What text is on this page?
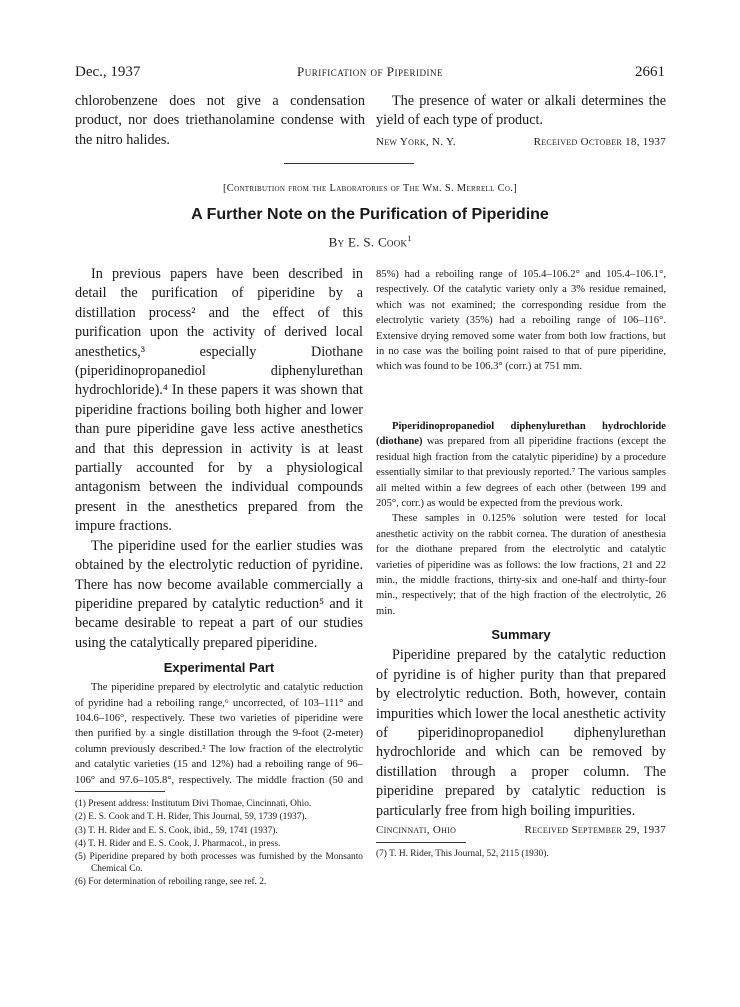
Dec., 1937	Purification of Piperidine	2661

chlorobenzene does not give a condensation product, nor does triethanolamine condense with the nitro halides.

The presence of water or alkali determines the yield of each type of product.

New York, N. Y.	Received October 18, 1937
[Contribution from the Laboratories of The Wm. S. Merrell Co.]
A Further Note on the Purification of Piperidine
By E. S. Cook$^1$

In previous papers have been described in detail the purification of piperidine by a distillation process² and the effect of this purification upon the activity of derived local anesthetics,³ especially Diothane (piperidinopropanediol diphenylurethan hydrochloride).⁴ In these papers it was shown that piperidine fractions boiling both higher and lower than pure piperidine gave less active anesthetics and that this depression in activity is at least partially accounted for by a physiological antagonism between the individual compounds present in the anesthetics prepared from the impure fractions.

The piperidine used for the earlier studies was obtained by the electrolytic reduction of pyridine. There has now become available commercially a piperidine prepared by catalytic reduction⁵ and it became desirable to repeat a part of our studies using the catalytically prepared piperidine.

Experimental Part

The piperidine prepared by electrolytic and catalytic reduction of pyridine had a reboiling range,⁶ uncorrected, of 103–111° and 104.6–106°, respectively. These two varieties of piperidine were then purified by a single distillation through the 9-foot (2-meter) column previously described.² The low fraction of the electrolytic and catalytic varieties (15 and 12%) had a reboiling range of 96–106° and 97.6–105.8°, respectively. The middle fraction (50 and

(1) Present address: Institutum Divi Thomae, Cincinnati, Ohio.

(2) E. S. Cook and T. H. Rider, This Journal, 59, 1739 (1937).

(3) T. H. Rider and E. S. Cook, ibid., 59, 1741 (1937).

(4) T. H. Rider and E. S. Cook, J. Pharmacol., in press.

(5) Piperidine prepared by both processes was furnished by the Monsanto Chemical Co.

(6) For determination of reboiling range, see ref. 2.

85%) had a reboiling range of 105.4–106.2° and 105.4–106.1°, respectively. Of the catalytic variety only a 3% residue remained, which was not examined; the corresponding residue from the electrolytic variety (35%) had a reboiling range of 106–116°. Extensive drying removed some water from both low fractions, but in no case was the boiling point raised to that of pure piperidine, which was found to be 106.3° (corr.) at 751 mm.

Piperidinopropanediol diphenylurethan hydrochloride (diothane) was prepared from all piperidine fractions (except the residual high fraction from the catalytic piperidine) by a procedure essentially similar to that previously reported.⁷ The various samples all melted within a few degrees of each other (between 199 and 205°, corr.) as would be expected from the previous work.

These samples in 0.125% solution were tested for local anesthetic activity on the rabbit cornea. The duration of anesthesia for the diothane prepared from the electrolytic and catalytic varieties of piperidine was as follows: the low fractions, 21 and 22 min., the middle fractions, thirty-six and one-half and thirty-four min., respectively; that of the high fraction of the electrolytic, 26 min.

Summary

Piperidine prepared by the catalytic reduction of pyridine is of higher purity than that prepared by electrolytic reduction. Both, however, contain impurities which lower the local anesthetic activity of piperidinopropanediol diphenylurethan hydrochloride and which can be removed by distillation through a proper column. The piperidine prepared by catalytic reduction is particularly free from high boiling impurities.

Cincinnati, Ohio	Received September 29, 1937

(7) T. H. Rider, This Journal, 52, 2115 (1930).
